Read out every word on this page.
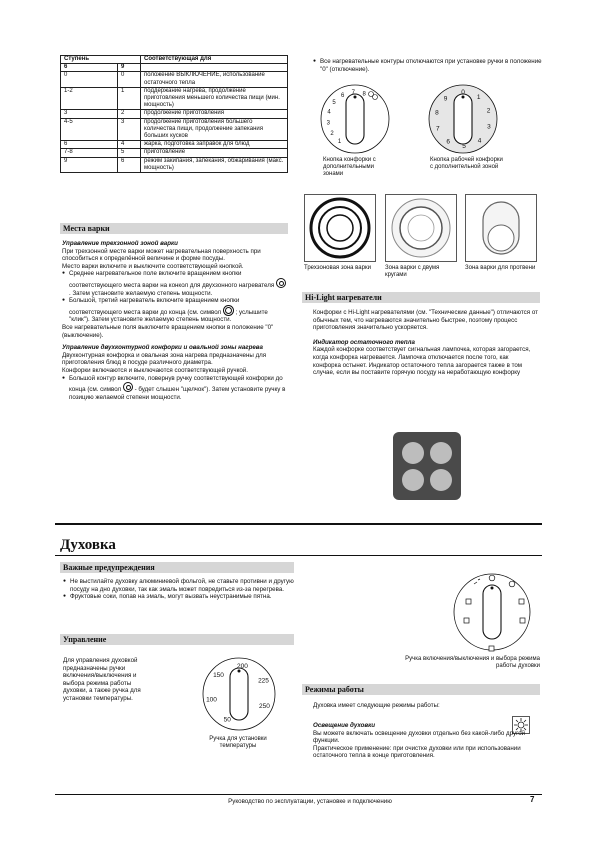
Ступень		Соответствующая для
6	9	
0	0	положение ВЫКЛЮЧЕНИЕ, использование остаточного тепла
1-2	1	поддержание нагрева, продолжение приготовления меньшего количества пищи (мин. мощность)
3	2	продолжение приготовления
4-5	3	продолжение приготовления большего количества пищи, продолжение запекания больших кусков
6	4	жарка, подготовка заправок для блюд
7-8	5	приготовление
9	6	режим закипания, запекания, обжаривания (макс. мощность)
Места варки
Управление трехзонной зоной варки
При трехзонной месте варки может нагревательная поверхность при способиться к определённой величине и форме посуды.
Место варки включите и выключите соответствующей кнопкой.
● Среднее нагревательное поле включите вращением кнопки соответствующего места варки на конкол для двухзонного нагревателя
. Затем установите желаемую степень мощности.
● Большой, третий нагреватель включите вращением кнопки соответствующего места варки до конца (см. символ ; услышите "клик"). Затем установите желаемую степень мощности.
Все нагревательные поля выключите вращением кнопки в положение "0" (выключение).
Управление двухконтурной конфорки и овальной зоны нагрева
Двухконтурная конфорка и овальная зона нагрева предназначены для приготовления блюд в посуде различного диаметра.
Конфорки включаются и выключаются соответствующей ручкой.
● Большой контур включите, повернув ручку соответствующей конфорки до конца (см. символ - будет слышен "щелчок"). Затем установите ручку в позицию желаемой степени мощности.
● Все нагревательные контуры отключаются при установке ручки в положение "0" (отключение).
1
2
3
4
5
6 7 8
Кнопка конфорки с дополнительными зонами
0
1
2
3
4
5
6
7
8
9
Кнопка рабочей конфорки с дополнительной зоной
Трехзоновая зона варки	Зона варки с двумя кругами
Зона варки для протвени
Hi-Light нагреватели
Конфорки с Hi-Light нагревателями (см. "Технические данные") отличаются от обычных тем, что нагреваются значительно быстрее, поэтому процесс приготовления значительно ускоряется.
Индикатор остаточного тепла
Каждой конфорке соответствует сигнальная лампочка, которая загорается, когда конфорка нагревается. Лампочка отключается после того, как конфорка остынет. Индикатор остаточного тепла загорается также в том случае, если вы поставите горячую посуду на неработающую конфорку
Духовка
Важные предупреждения
● Не выстилайте духовку алюминиевой фольгой, не ставьте противни и другую посуду на дно духовки, так как эмаль может повредиться из-за перегрева.
● Фруктовые соки, попав на эмаль, могут вызвать неустранимые пятна.
Управление
Для управления духовкой предназначены ручки включения/выключения и выбора режима работы духовки, а также ручка для установки температуры.
50
100
150
200
225
250
Ручка для установки температуры
Ручка включения/выключения и выбора режима работы духовки
Режимы работы
Духовка имеет следующие режимы работы:
Освещение духовки
Вы можете включать освещение духовки отдельно без какой-либо другой функции.
Практическое применение: при очистке духовки или при использовании остаточного тепла в конце приготовления.
Руководство по эксплуатации, установке и подключению	7
